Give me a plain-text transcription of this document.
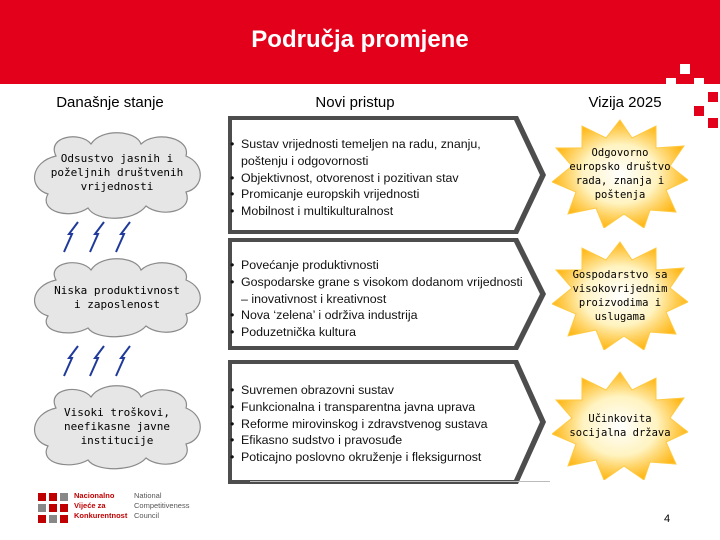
Područja promjene
Današnje stanje	Novi pristup	Vizija 2025
Odsustvo jasnih i
poželjnih društvenih
vrijednosti
• Sustav vrijednosti temeljen na radu, znanju, poštenju i odgovornosti
• Objektivnost, otvorenost i pozitivan stav
• Promicanje europskih vrijednosti
• Mobilnost i multikulturalnost
Odgovorno
europsko društvo
rada, znanja i
poštenja
Niska produktivnost
i zaposlenost
• Povećanje produktivnosti
• Gospodarske grane s visokom dodanom vrijednosti – inovativnost i kreativnost
• Nova ‘zelena’ i održiva industrija
• Poduzetnička kultura
Gospodarstvo sa
visokovrijednim
proizvodima i
uslugama
Visoki troškovi,
neefikasne javne
institucije
• Suvremen obrazovni sustav
• Funkcionalna i transparentna javna uprava
• Reforme mirovinskog i zdravstvenog sustava
• Efikasno sudstvo i pravosuđe
• Poticajno poslovno okruženje i fleksigurnost
Učinkovita
socijalna država
Nacionalno
Vijeće za
Konkurentnost
National
Competitiveness
Council	4
